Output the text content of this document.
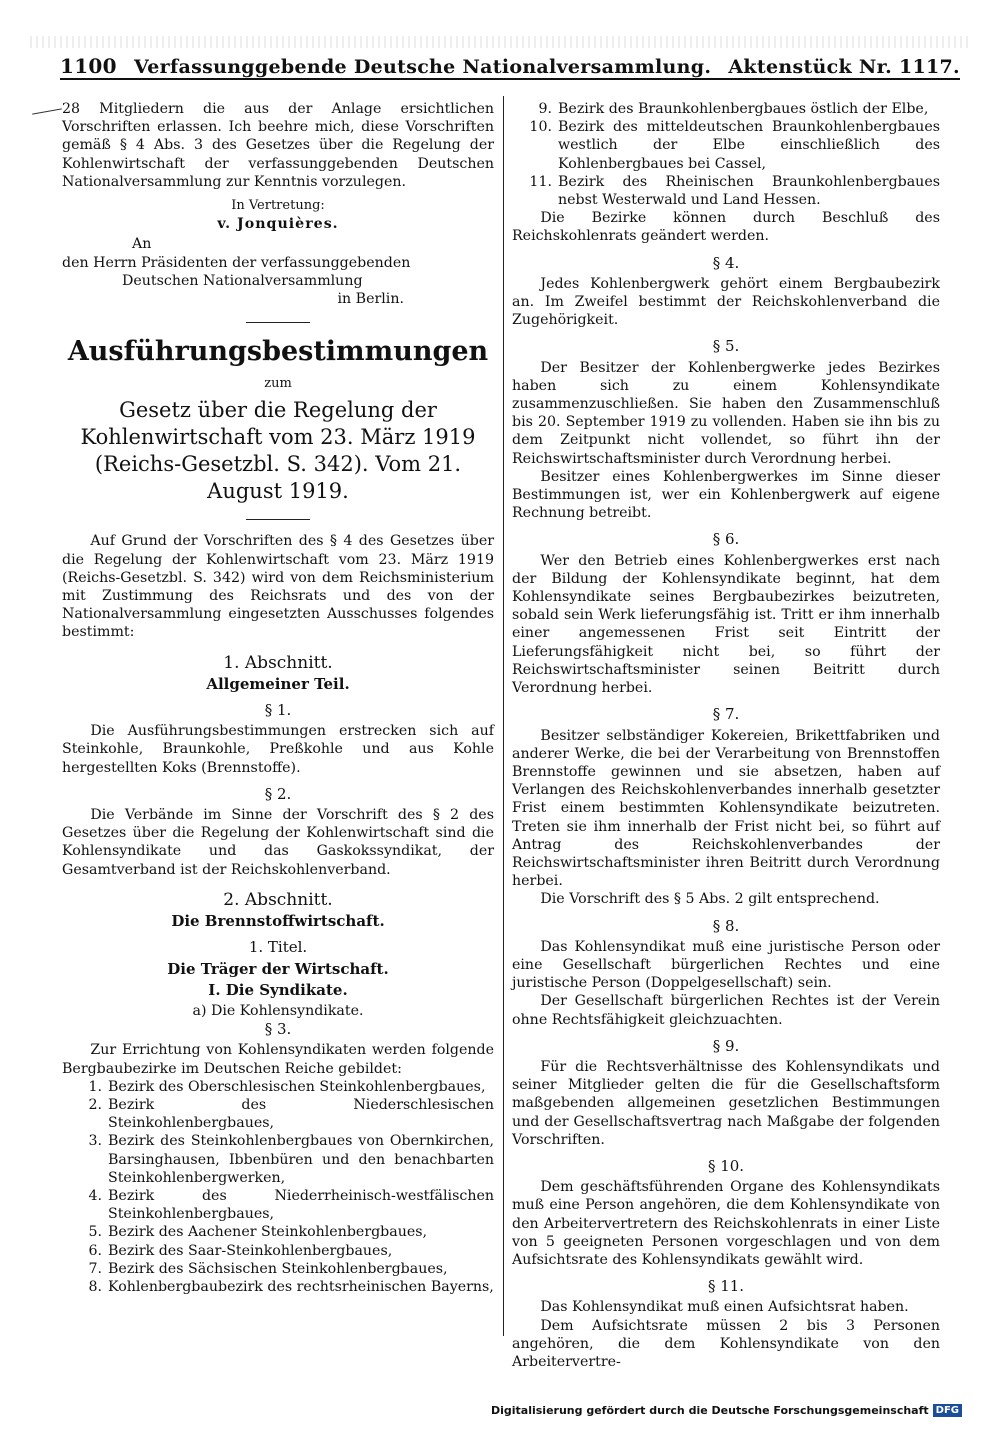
1100 Verfassunggebende Deutsche Nationalversammlung. Aktenstück Nr. 1117.

28 Mitgliedern die aus der Anlage ersichtlichen Vorschriften erlassen. Ich beehre mich, diese Vorschriften gemäß § 4 Abs. 3 des Gesetzes über die Regelung der Kohlenwirtschaft der verfassunggebenden Deutschen Nationalversammlung zur Kenntnis vorzulegen.

In Vertretung:
v. Jonquières.
An
den Herrn Präsidenten der verfassunggebenden
Deutschen Nationalversammlung
in Berlin.
Ausführungsbestimmungen
zum
Gesetz über die Regelung der Kohlenwirtschaft vom 23. März 1919 (Reichs-Gesetzbl. S. 342). Vom 21. August 1919.

Auf Grund der Vorschriften des § 4 des Gesetzes über die Regelung der Kohlenwirtschaft vom 23. März 1919 (Reichs-Gesetzbl. S. 342) wird von dem Reichsministerium mit Zustimmung des Reichsrats und des von der Nationalversammlung eingesetzten Ausschusses folgendes bestimmt:

1. Abschnitt.
Allgemeiner Teil.
§ 1.

Die Ausführungsbestimmungen erstrecken sich auf Steinkohle, Braunkohle, Preßkohle und aus Kohle hergestellten Koks (Brennstoffe).

§ 2.

Die Verbände im Sinne der Vorschrift des § 2 des Gesetzes über die Regelung der Kohlenwirtschaft sind die Kohlensyndikate und das Gaskokssyndikat, der Gesamtverband ist der Reichskohlenverband.

2. Abschnitt.
Die Brennstoffwirtschaft.
1. Titel.
Die Träger der Wirtschaft.
I. Die Syndikate.
a) Die Kohlensyndikate.
§ 3.

Zur Errichtung von Kohlensyndikaten werden folgende Bergbaubezirke im Deutschen Reiche gebildet:

1. Bezirk des Oberschlesischen Steinkohlenbergbaues,
2. Bezirk des Niederschlesischen Steinkohlenbergbaues,
3. Bezirk des Steinkohlenbergbaues von Obernkirchen, Barsinghausen, Ibbenbüren und den benachbarten Steinkohlenbergwerken,
4. Bezirk des Niederrheinisch-westfälischen Steinkohlenbergbaues,
5. Bezirk des Aachener Steinkohlenbergbaues,
6. Bezirk des Saar-Steinkohlenbergbaues,
7. Bezirk des Sächsischen Steinkohlenbergbaues,
8. Kohlenbergbaubezirk des rechtsrheinischen Bayerns,
9. Bezirk des Braunkohlenbergbaues östlich der Elbe,
10. Bezirk des mitteldeutschen Braunkohlenbergbaues westlich der Elbe einschließlich des Kohlenbergbaues bei Cassel,
11. Bezirk des Rheinischen Braunkohlenbergbaues nebst Westerwald und Land Hessen.

Die Bezirke können durch Beschluß des Reichskohlenrats geändert werden.

§ 4.

Jedes Kohlenbergwerk gehört einem Bergbaubezirk an. Im Zweifel bestimmt der Reichskohlenverband die Zugehörigkeit.

§ 5.

Der Besitzer der Kohlenbergwerke jedes Bezirkes haben sich zu einem Kohlensyndikate zusammenzuschließen. Sie haben den Zusammenschluß bis 20. September 1919 zu vollenden. Haben sie ihn bis zu dem Zeitpunkt nicht vollendet, so führt ihn der Reichswirtschaftsminister durch Verordnung herbei.

Besitzer eines Kohlenbergwerkes im Sinne dieser Bestimmungen ist, wer ein Kohlenbergwerk auf eigene Rechnung betreibt.

§ 6.

Wer den Betrieb eines Kohlenbergwerkes erst nach der Bildung der Kohlensyndikate beginnt, hat dem Kohlensyndikate seines Bergbaubezirkes beizutreten, sobald sein Werk lieferungsfähig ist. Tritt er ihm innerhalb einer angemessenen Frist seit Eintritt der Lieferungsfähigkeit nicht bei, so führt der Reichswirtschaftsminister seinen Beitritt durch Verordnung herbei.

§ 7.

Besitzer selbständiger Kokereien, Brikettfabriken und anderer Werke, die bei der Verarbeitung von Brennstoffen Brennstoffe gewinnen und sie absetzen, haben auf Verlangen des Reichskohlenverbandes innerhalb gesetzter Frist einem bestimmten Kohlensyndikate beizutreten. Treten sie ihm innerhalb der Frist nicht bei, so führt auf Antrag des Reichskohlenverbandes der Reichswirtschaftsminister ihren Beitritt durch Verordnung herbei.

Die Vorschrift des § 5 Abs. 2 gilt entsprechend.

§ 8.

Das Kohlensyndikat muß eine juristische Person oder eine Gesellschaft bürgerlichen Rechtes und eine juristische Person (Doppelgesellschaft) sein.

Der Gesellschaft bürgerlichen Rechtes ist der Verein ohne Rechtsfähigkeit gleichzuachten.

§ 9.

Für die Rechtsverhältnisse des Kohlensyndikats und seiner Mitglieder gelten die für die Gesellschaftsform maßgebenden allgemeinen gesetzlichen Bestimmungen und der Gesellschaftsvertrag nach Maßgabe der folgenden Vorschriften.

§ 10.

Dem geschäftsführenden Organe des Kohlensyndikats muß eine Person angehören, die dem Kohlensyndikate von den Arbeitervertretern des Reichskohlenrats in einer Liste von 5 geeigneten Personen vorgeschlagen und von dem Aufsichtsrate des Kohlensyndikats gewählt wird.

§ 11.

Das Kohlensyndikat muß einen Aufsichtsrat haben.

Dem Aufsichtsrate müssen 2 bis 3 Personen angehören, die dem Kohlensyndikate von den Arbeitervertre-

Digitalisierung gefördert durch die Deutsche Forschungsgemeinschaft DFG
